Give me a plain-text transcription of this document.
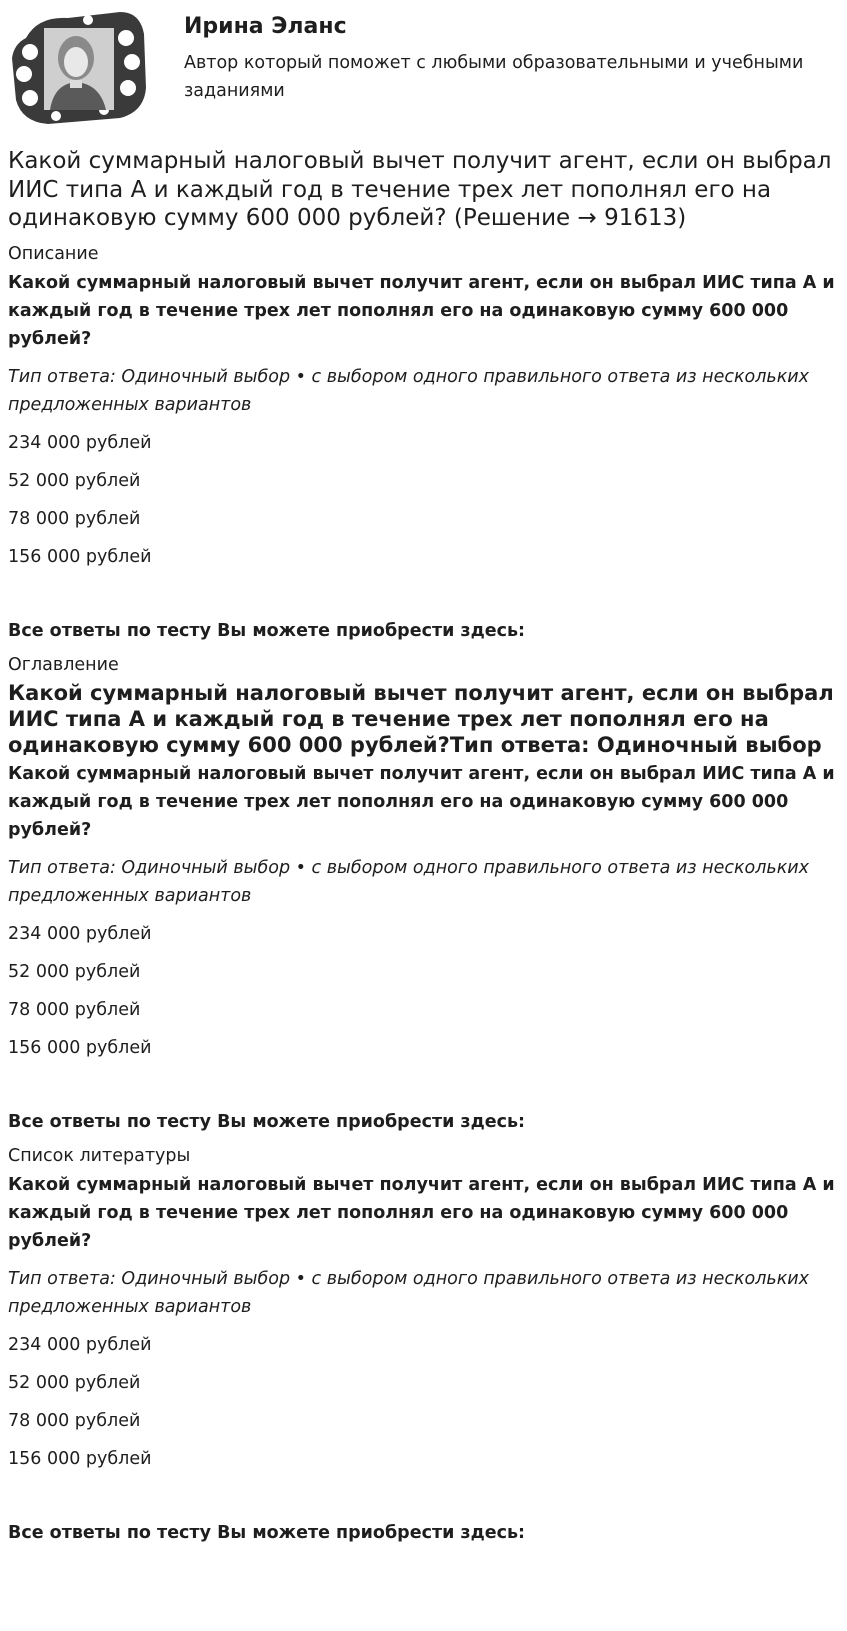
Ирина Эланс
Автор который поможет с любыми образовательными и учебными заданиями
Какой суммарный налоговый вычет получит агент, если он выбрал ИИС типа А и каждый год в течение трех лет пополнял его на одинаковую сумму 600 000 рублей? (Решение → 91613)
Описание
Какой суммарный налоговый вычет получит агент, если он выбрал ИИС типа А и каждый год в течение трех лет пополнял его на одинаковую сумму 600 000 рублей?
Тип ответа: Одиночный выбор • с выбором одного правильного ответа из нескольких предложенных вариантов
234 000 рублей
52 000 рублей
78 000 рублей
156 000 рублей
Все ответы по тесту Вы можете приобрести здесь:
Оглавление
Какой суммарный налоговый вычет получит агент, если он выбрал ИИС типа А и каждый год в течение трех лет пополнял его на одинаковую сумму 600 000 рублей?Тип ответа: Одиночный выбор
Какой суммарный налоговый вычет получит агент, если он выбрал ИИС типа А и каждый год в течение трех лет пополнял его на одинаковую сумму 600 000 рублей?
Тип ответа: Одиночный выбор • с выбором одного правильного ответа из нескольких предложенных вариантов
234 000 рублей
52 000 рублей
78 000 рублей
156 000 рублей
Все ответы по тесту Вы можете приобрести здесь:
Список литературы
Какой суммарный налоговый вычет получит агент, если он выбрал ИИС типа А и каждый год в течение трех лет пополнял его на одинаковую сумму 600 000 рублей?
Тип ответа: Одиночный выбор • с выбором одного правильного ответа из нескольких предложенных вариантов
234 000 рублей
52 000 рублей
78 000 рублей
156 000 рублей
Все ответы по тесту Вы можете приобрести здесь:
